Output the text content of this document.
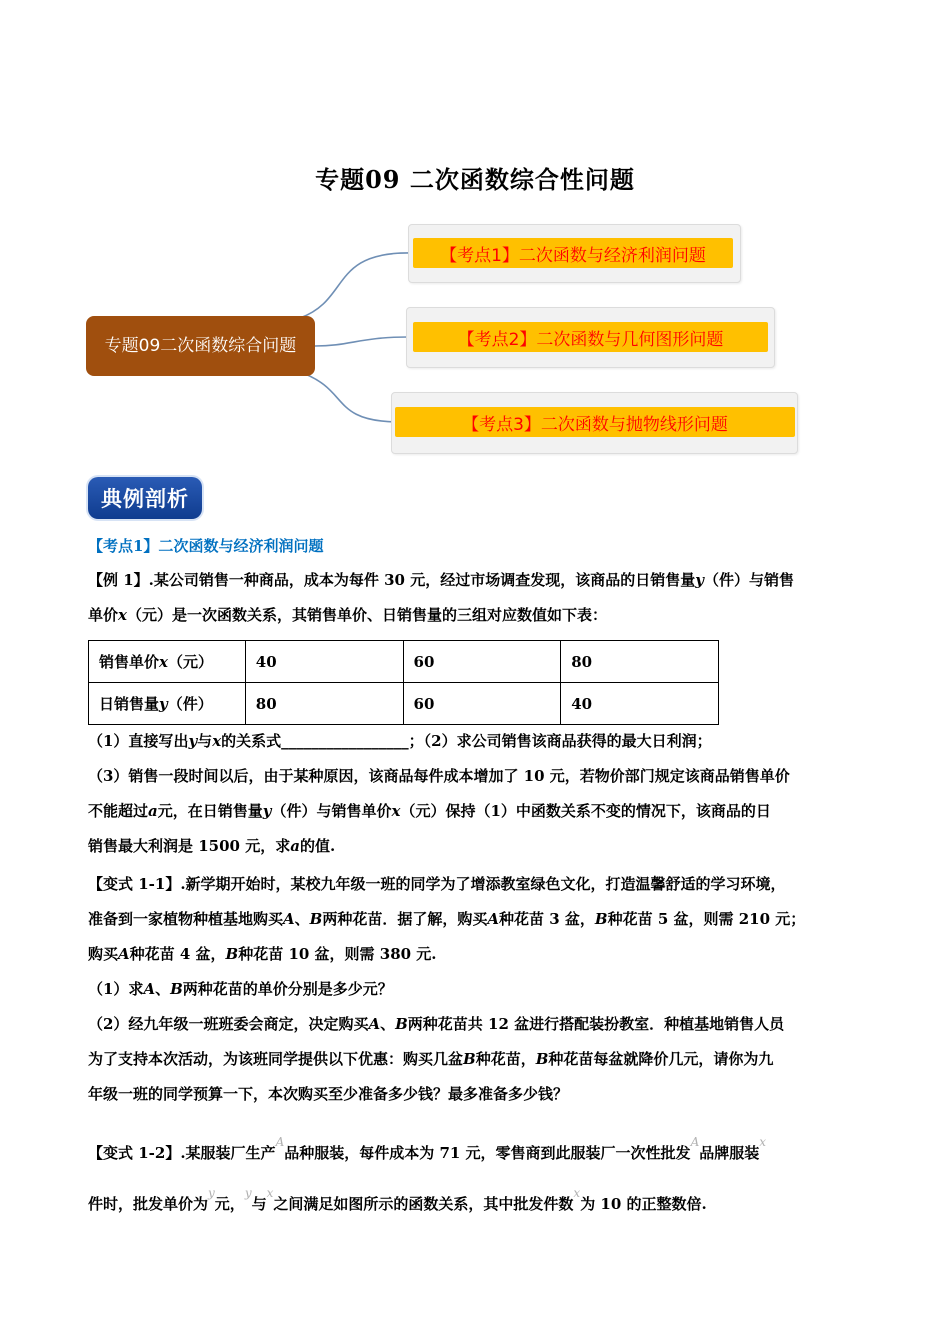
专题09 二次函数综合性问题
专题09二次函数综合问题
【考点1】二次函数与经济利润问题
【考点2】二次函数与几何图形问题
【考点3】二次函数与抛物线形问题
典例剖析
【考点1】二次函数与经济利润问题

【例 1】.某公司销售一种商品，成本为每件 30 元，经过市场调查发现，该商品的日销售量y（件）与销售

单价x（元）是一次函数关系，其销售单价、日销售量的三组对应数值如下表：

销售单价x（元）	40	60	80
日销售量y（件）	80	60	40

（1）直接写出y与x的关系式_________________；（2）求公司销售该商品获得的最大日利润；

（3）销售一段时间以后，由于某种原因，该商品每件成本增加了 10 元，若物价部门规定该商品销售单价

不能超过a元，在日销售量y（件）与销售单价x（元）保持（1）中函数关系不变的情况下，该商品的日

销售最大利润是 1500 元，求a的值.

【变式 1-1】.新学期开始时，某校九年级一班的同学为了增添教室绿色文化，打造温馨舒适的学习环境，

准备到一家植物种植基地购买A、B两种花苗．据了解，购买A种花苗 3 盆，B种花苗 5 盆，则需 210 元；

购买A种花苗 4 盆，B种花苗 10 盆，则需 380 元.

（1）求A、B两种花苗的单价分别是多少元？

（2）经九年级一班班委会商定，决定购买A、B两种花苗共 12 盆进行搭配装扮教室．种植基地销售人员

为了支持本次活动，为该班同学提供以下优惠：购买几盆B种花苗，B种花苗每盆就降价几元，请你为九

年级一班的同学预算一下，本次购买至少准备多少钱？最多准备多少钱？

【变式 1-2】.某服装厂生产$^A$品种服装，每件成本为 71 元，零售商到此服装厂一次性批发$^A$品牌服装$^x$

件时，批发单价为$^y$元，$^y$与$^x$之间满足如图所示的函数关系，其中批发件数$^x$为 10 的正整数倍.
